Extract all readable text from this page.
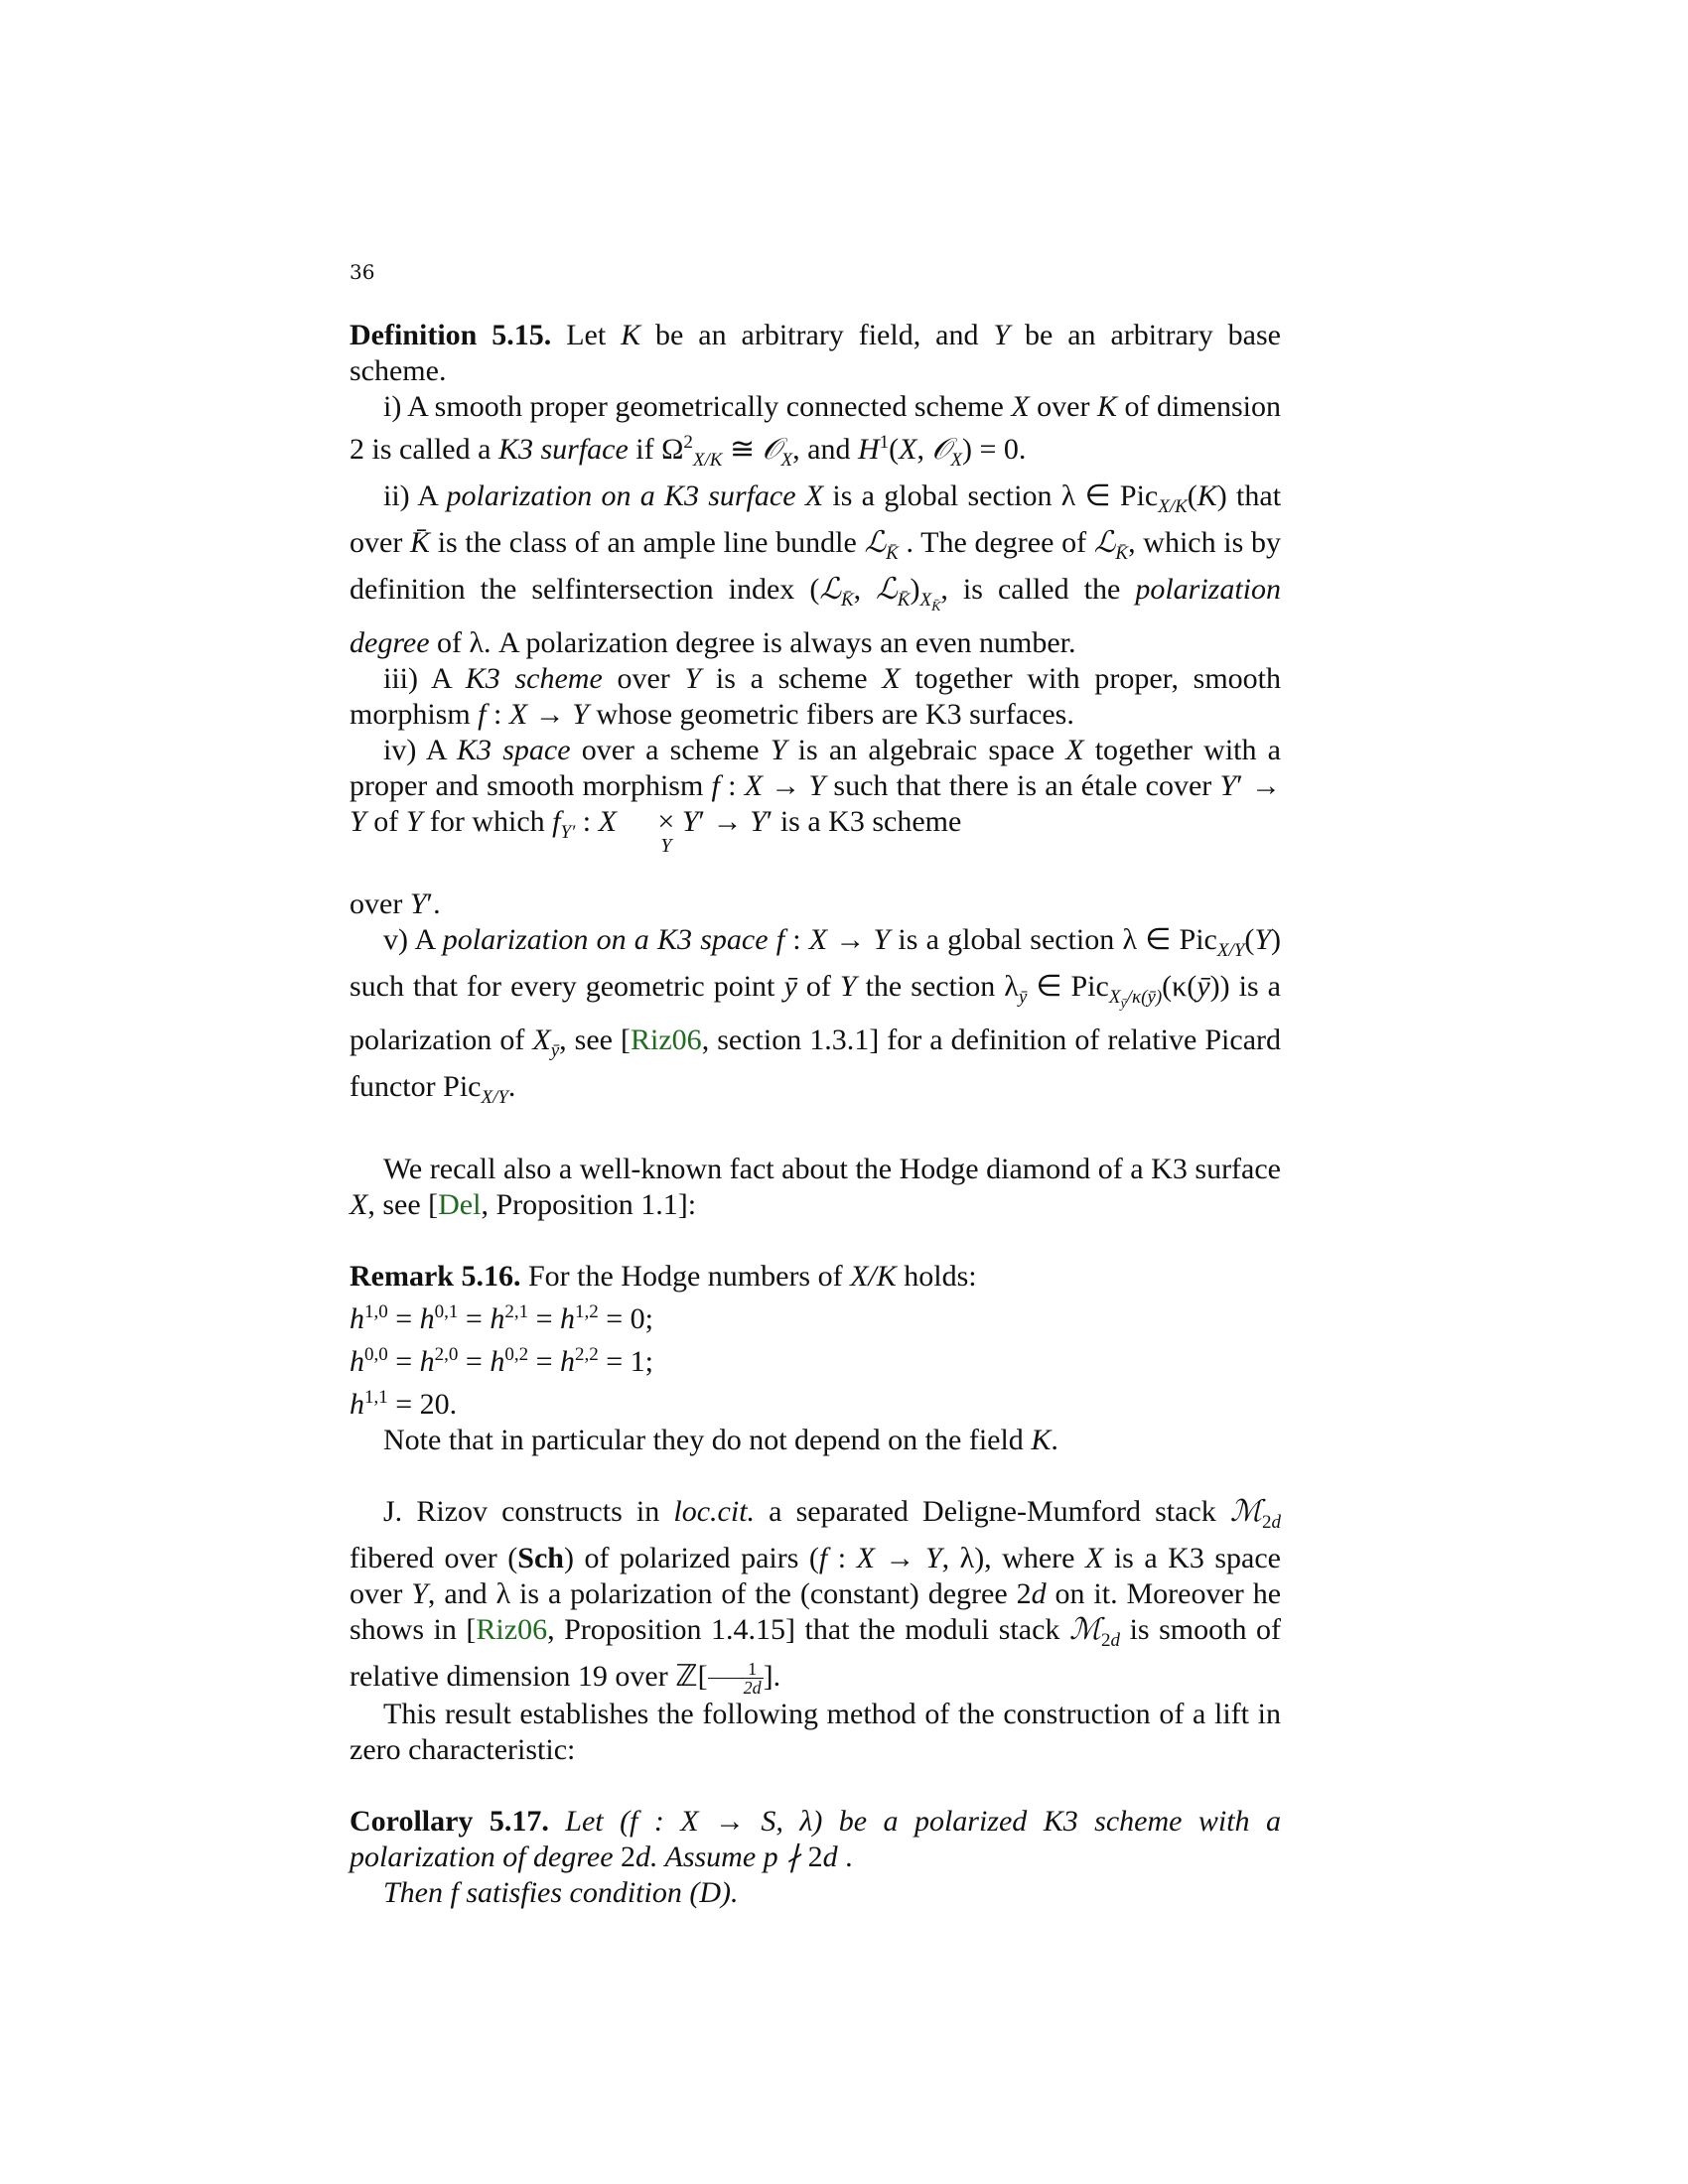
36

Definition 5.15. Let K be an arbitrary field, and Y be an arbitrary base scheme.

i) A smooth proper geometrically connected scheme X over K of dimension 2 is called a K3 surface if $\Omega^2_{X/K}$ ≅ 𝒪$_X$, and $H^1(X$, 𝒪$_X$) = 0.

ii) A polarization on a K3 surface X is a global section λ ∈ Pic$_{X/K}$(K) that over K̄ is the class of an ample line bundle ℒ$_{K̄}$ . The degree of ℒ$_{K̄}$, which is by definition the selfintersection index (ℒ$_{K̄}$, $ℒ_{K̄})_{X_{K̄}}$, is called the polarization degree of λ. A polarization degree is always an even number.

iii) A K3 scheme over Y is a scheme X together with proper, smooth morphism f : X → Y whose geometric fibers are K3 surfaces.

iv) A K3 space over a scheme Y is an algebraic space X together with a proper and smooth morphism f : X → Y such that there is an étale cover Y′ → Y of Y for which $f_{Y'}$ : X ×
Y
Y′ → Y′ is a K3 scheme

over Y′.

v) A polarization on a K3 space f : X → Y is a global section λ ∈ Pic$_{X/Y}$(Y) such that for every geometric point ȳ of Y the section $\lambda_ȳ$ ∈ Pic$_{X_ȳ/\kappa(ȳ)}$(κ(ȳ)) is a polarization of $X_ȳ$, see [Riz06, section 1.3.1] for a definition of relative Picard functor Pic$_{X/Y}$.

We recall also a well-known fact about the Hodge diamond of a K3 surface X, see [Del, Proposition 1.1]:

Remark 5.16. For the Hodge numbers of X/K holds:

$h^{1,0} = h^{0,1} = h^{2,1} = h^{1,2} = 0$;

$h^{0,0} = h^{2,0} = h^{0,2} = h^{2,2} = 1$;

$h^{1,1} = 20$.

Note that in particular they do not depend on the field K.

J. Rizov constructs in loc.cit. a separated Deligne-Mumford stack ℳ$_{2d}$ fibered over (Sch) of polarized pairs (f : X → Y, λ), where X is a K3 space over Y, and λ is a polarization of the (constant) degree 2d on it. Moreover he shows in [Riz06, Proposition 1.4.15] that the moduli stack ℳ$_{2d}$ is smooth of relative dimension 19 over ℤ[ $\frac{1}{2d}$ ].

This result establishes the following method of the construction of a lift in zero characteristic:

Corollary 5.17. Let (f : X → S, λ) be a polarized K3 scheme with a polarization of degree 2d. Assume p ∤ 2d .

Then f satisfies condition (D).
